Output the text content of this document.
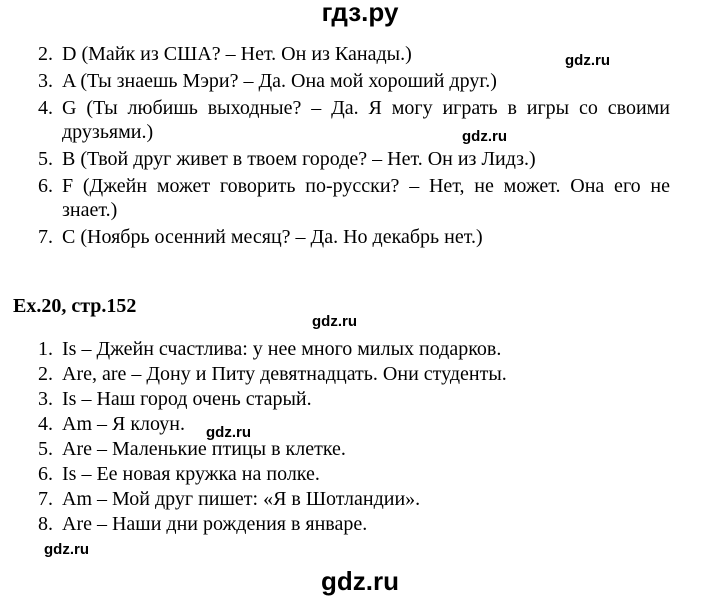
гдз.ру
2. D (Майк из США? – Нет. Он из Канады.)
3. A (Ты знаешь Мэри? – Да. Она мой хороший друг.)
4. G (Ты любишь выходные? – Да. Я могу играть в игры со своими
друзьями.)
5. B (Твой друг живет в твоем городе? – Нет. Он из Лидз.)
6. F (Джейн может говорить по-русски? – Нет, не может. Она его не
знает.)
7. C (Ноябрь осенний месяц? – Да. Но декабрь нет.)
Ex.20, стр.152
1. Is – Джейн счастлива: у нее много милых подарков.
2. Are, are – Дону и Питу девятнадцать. Они студенты.
3. Is – Наш город очень старый.
4. Am – Я клоун.
5. Are – Маленькие птицы в клетке.
6. Is – Ее новая кружка на полке.
7. Am – Мой друг пишет: «Я в Шотландии».
8. Are – Наши дни рождения в январе.
gdz.ru
gdz.ru
gdz.ru
gdz.ru
gdz.ru
gdz.ru
